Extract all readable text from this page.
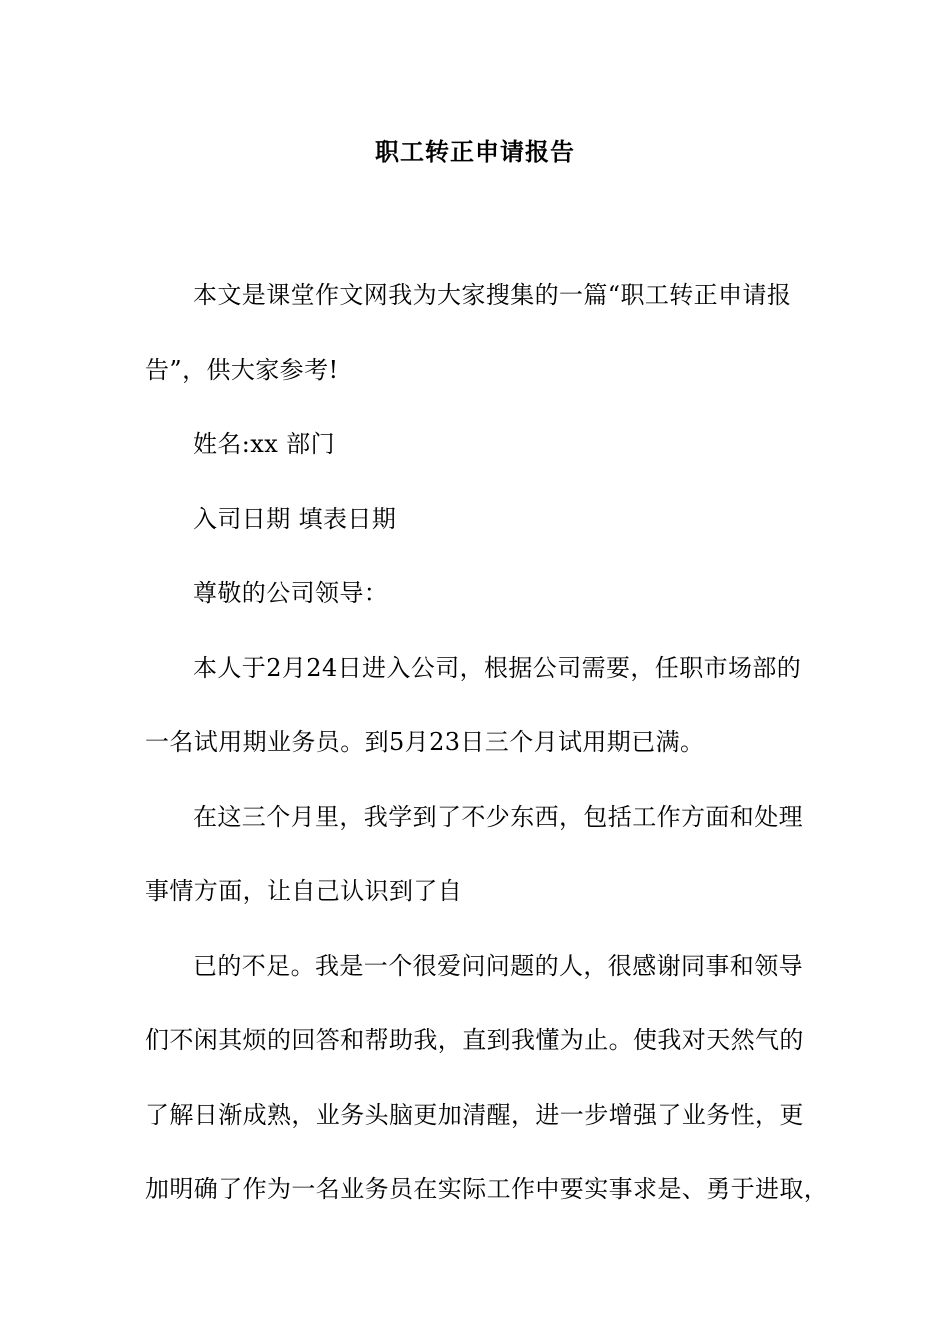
职工转正申请报告
本文是课堂作文网我为大家搜集的一篇“职工转正申请报
告”，供大家参考!
姓名:xx 部门
入司日期 填表日期
尊敬的公司领导：
本人于2月24日进入公司，根据公司需要，任职市场部的
一名试用期业务员。到5月23日三个月试用期已满。
在这三个月里，我学到了不少东西，包括工作方面和处理
事情方面，让自己认识到了自
已的不足。我是一个很爱问问题的人，很感谢同事和领导
们不闲其烦的回答和帮助我，直到我懂为止。使我对天然气的
了解日渐成熟，业务头脑更加清醒，进一步增强了业务性，更
加明确了作为一名业务员在实际工作中要实事求是、勇于进取，
